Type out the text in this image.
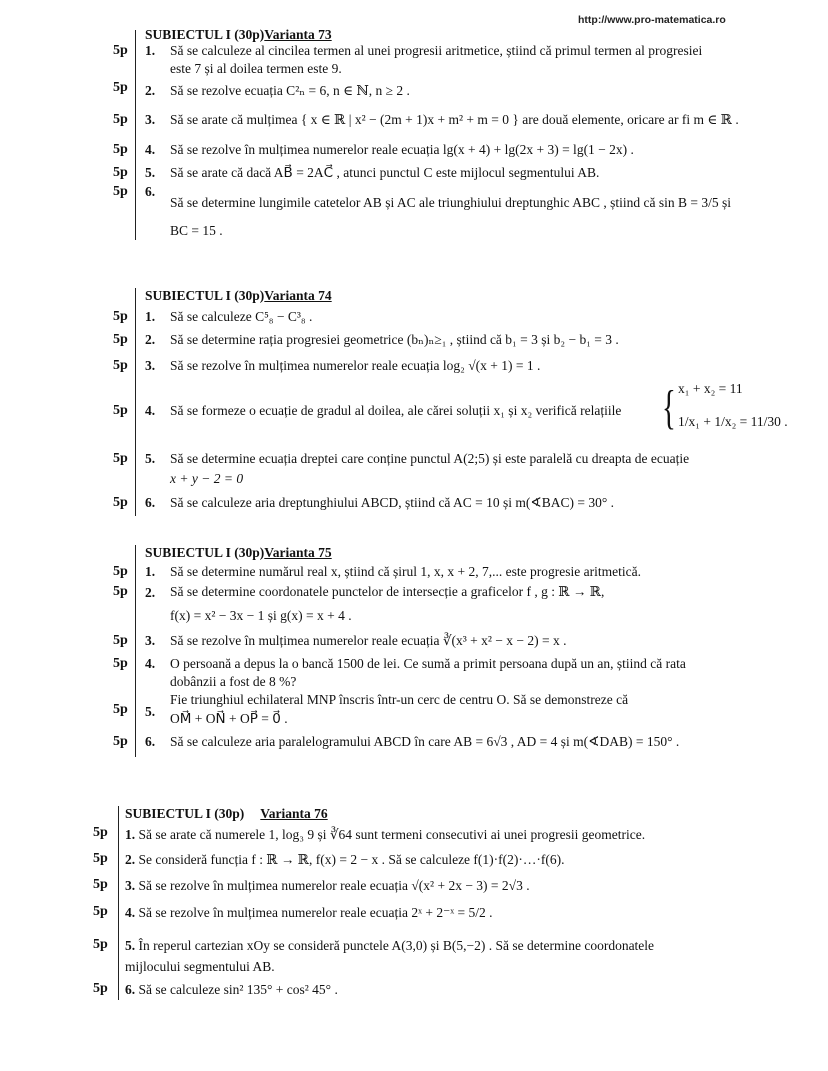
http://www.pro-matematica.ro
SUBIECTUL I (30p)Varianta 73
5p 1. Să se calculeze al cincilea termen al unei progresii aritmetice, știind că primul termen al progresiei
este 7 și al doilea termen este 9.
5p 2. Să se rezolve ecuația C²ₙ = 6, n ∈ ℕ, n ≥ 2 .
5p 3. Să se arate că mulțimea { x ∈ ℝ | x² − (2m + 1)x + m² + m = 0 } are două elemente, oricare ar fi m ∈ ℝ .
5p 4. Să se rezolve în mulțimea numerelor reale ecuația lg(x + 4) + lg(2x + 3) = lg(1 − 2x) .
5p 5. Să se arate că dacă AB⃗ = 2AC⃗ , atunci punctul C este mijlocul segmentului AB.
5p 6.
Să se determine lungimile catetelor AB și AC ale triunghiului dreptunghic ABC , știind că sin B = 3/5 și
BC = 15 .
SUBIECTUL I (30p)Varianta 74
5p 1. Să se calculeze C⁵₈ − C³₈ .
5p 2. Să se determine rația progresiei geometrice (bₙ)ₙ≥₁ , știind că b₁ = 3 și b₂ − b₁ = 3 .
5p 3. Să se rezolve în mulțimea numerelor reale ecuația log₂ √(x + 1) = 1 .
5p 4. Să se formeze o ecuație de gradul al doilea, ale cărei soluții x₁ și x₂ verifică relațiile { x₁ + x₂ = 11
1/x₁ + 1/x₂ = 11/30 .
5p 5. Să se determine ecuația dreptei care conține punctul A(2;5) și este paralelă cu dreapta de ecuație
x + y − 2 = 0
5p 6. Să se calculeze aria dreptunghiului ABCD, știind că AC = 10 și m(∢BAC) = 30° .
SUBIECTUL I (30p)Varianta 75
5p 1. Să se determine numărul real x, știind că șirul 1, x, x + 2, 7,... este progresie aritmetică.
5p 2. Să se determine coordonatele punctelor de intersecție a graficelor f , g : ℝ → ℝ,
f(x) = x² − 3x − 1 și g(x) = x + 4 .
5p 3. Să se rezolve în mulțimea numerelor reale ecuația ∛(x³ + x² − x − 2) = x .
5p 4. O persoană a depus la o bancă 1500 de lei. Ce sumă a primit persoana după un an, știind că rata
dobânzii a fost de 8 %?
5p 5.
Fie triunghiul echilateral MNP înscris într-un cerc de centru O. Să se demonstreze că
OM⃗ + ON⃗ + OP⃗ = 0⃗ .
5p 6. Să se calculeze aria paralelogramului ABCD în care AB = 6√3 , AD = 4 și m(∢DAB) = 150° .
SUBIECTUL I (30p) Varianta 76
5p 1. Să se arate că numerele 1, log₃ 9 și ∛64 sunt termeni consecutivi ai unei progresii geometrice.
5p 2. Se consideră funcția f : ℝ → ℝ, f(x) = 2 − x . Să se calculeze f(1)·f(2)·…·f(6).
5p 3. Să se rezolve în mulțimea numerelor reale ecuația √(x² + 2x − 3) = 2√3 .
5p 4. Să se rezolve în mulțimea numerelor reale ecuația 2ˣ + 2⁻ˣ = 5/2 .
5p 5. În reperul cartezian xOy se consideră punctele A(3,0) și B(5,−2) . Să se determine coordonatele
mijlocului segmentului AB.
5p 6. Să se calculeze sin² 135° + cos² 45° .
